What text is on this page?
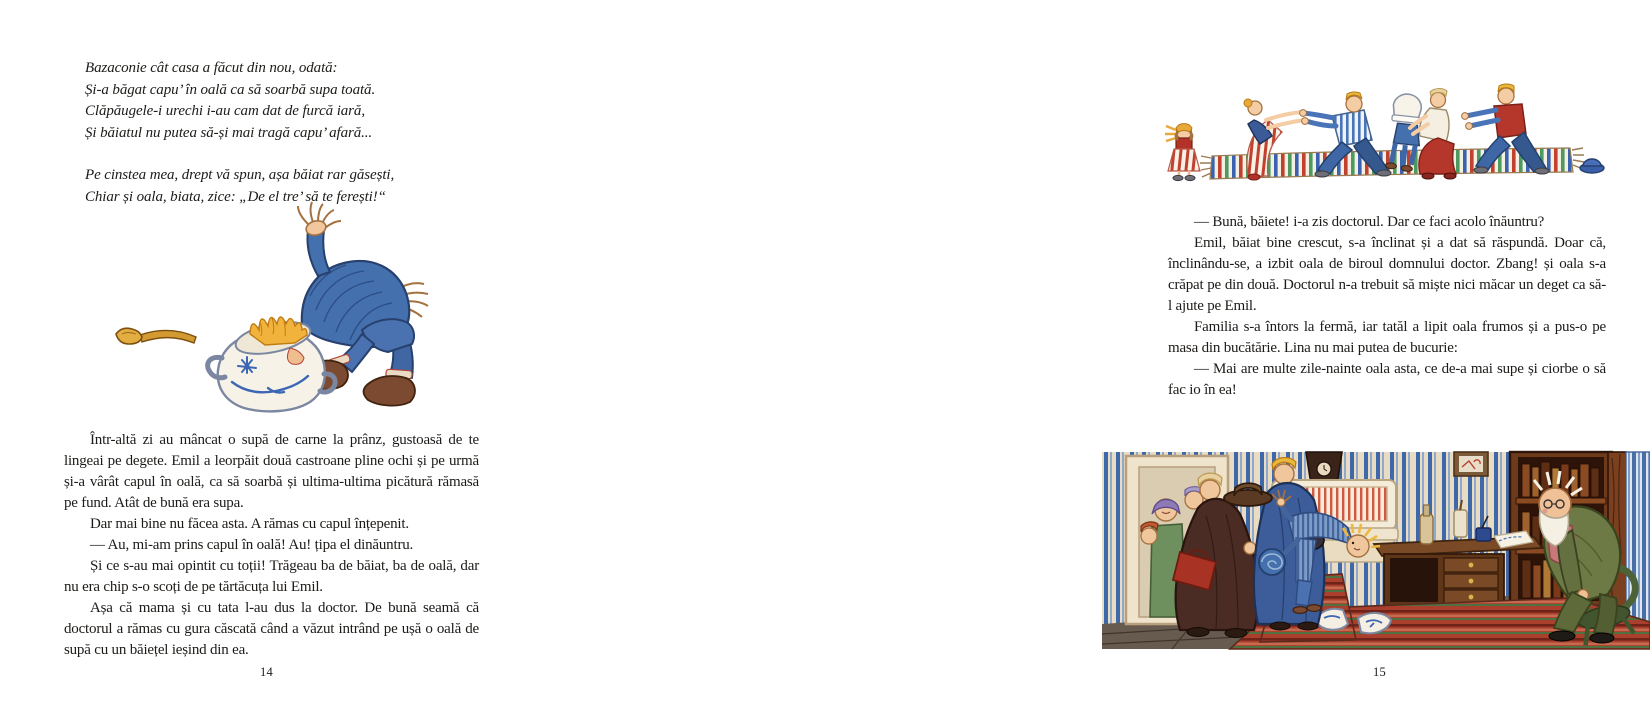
Bazaconie cât casa a făcut din nou, odată:
Și-a băgat capu’ în oală ca să soarbă supa toată.
Clăpăugele-i urechi i-au cam dat de furcă iară,
Și băiatul nu putea să-și mai tragă capu’ afară...
Pe cinstea mea, drept vă spun, așa băiat rar găsești,
Chiar și oala, biata, zice: „De el tre’ să te ferești!“

Într-altă zi au mâncat o supă de carne la prânz, gustoasă de te lingeai pe degete. Emil a leorpăit două castroane pline ochi și pe urmă și-a vârât capul în oală, ca să soarbă și ultima-ultima picătură rămasă pe fund. Atât de bună era supa.

Dar mai bine nu făcea asta. A rămas cu capul înțepenit.

— Au, mi-am prins capul în oală! Au! țipa el dinăuntru.

Și ce s-au mai opintit cu toții! Trăgeau ba de băiat, ba de oală, dar nu era chip s-o scoți de pe tărtăcuța lui Emil.

Așa că mama și cu tata l-au dus la doctor. De bună seamă că doctorul a rămas cu gura căscată când a văzut intrând pe ușă o oală de supă cu un băiețel ieșind din ea.

14

— Bună, băiete! i-a zis doctorul. Dar ce faci acolo înăuntru?

Emil, băiat bine crescut, s-a înclinat și a dat să răspundă. Doar că, înclinându-se, a izbit oala de biroul domnului doctor. Zbang! și oala s-a crăpat pe din două. Doctorul n-a trebuit să miște nici măcar un deget ca să-l ajute pe Emil.

Familia s-a întors la fermă, iar tatăl a lipit oala frumos și a pus-o pe masa din bucătărie. Lina nu mai putea de bucurie:

— Mai are multe zile-nainte oala asta, ce de-a mai supe și ciorbe o să fac io în ea!

15
